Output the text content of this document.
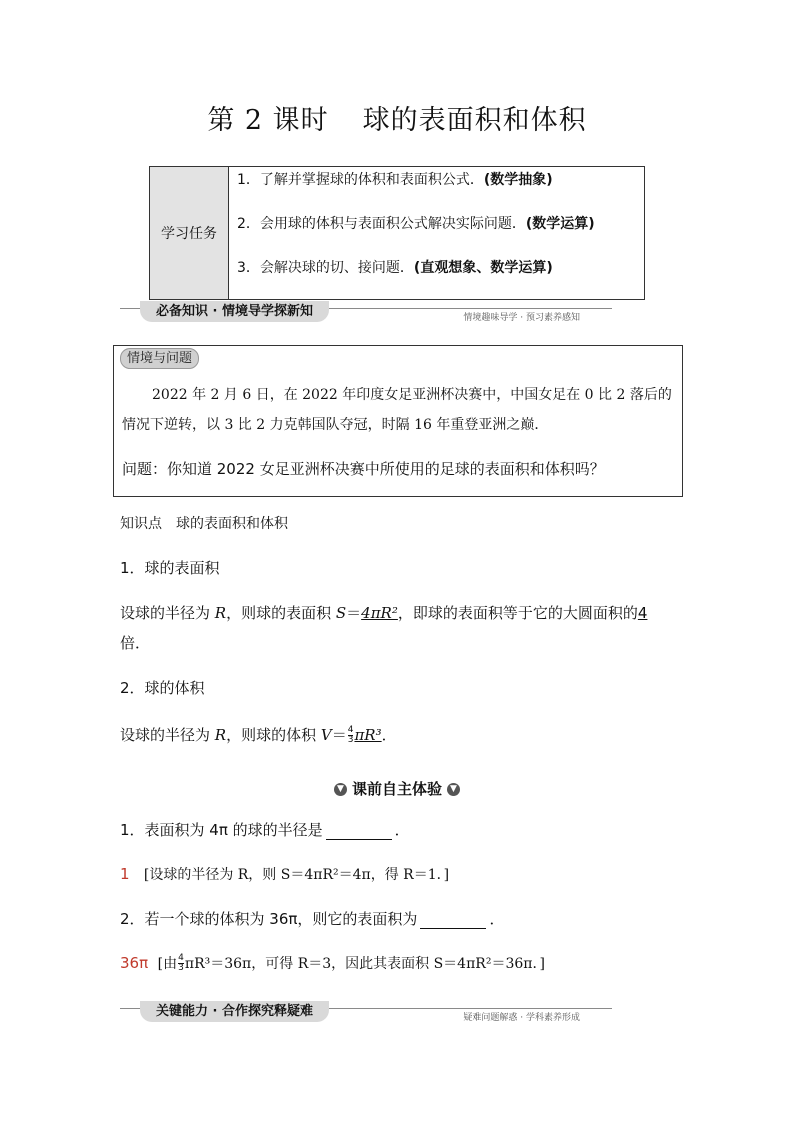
第 2 课时 球的表面积和体积
学习任务	
1．了解并掌握球的体积和表面积公式．(数学抽象)
2．会用球的体积与表面积公式解决实际问题．(数学运算)
3．会解决球的切、接问题．(直观想象、数学运算)
必备知识 · 情境导学探新知	情境趣味导学 · 预习素养感知
情境与问题
2022 年 2 月 6 日，在 2022 年印度女足亚洲杯决赛中，中国女足在 0 比 2 落后的情况下逆转，以 3 比 2 力克韩国队夺冠，时隔 16 年重登亚洲之巅．
问题：你知道 2022 女足亚洲杯决赛中所使用的足球的表面积和体积吗？
知识点　球的表面积和体积
1．球的表面积
设球的半径为 R，则球的表面积 S＝4πR²，即球的表面积等于它的大圆面积的4
倍．
2．球的体积
设球的半径为 R，则球的体积 $V= \frac{4}{3} \pi R^3$．
▼ 课前自主体验 ▼
1．表面积为 4π 的球的半径是	．
1 [设球的半径为 R，则 S＝4πR²＝4π，得 R＝1．]
2．若一个球的体积为 36π，则它的表面积为	．
36π [由 $\frac{4}{3} \pi R^3=36\pi$，可得 R＝3，因此其表面积 S＝4πR²＝36π．]
关键能力 · 合作探究释疑难	疑难问题解惑 · 学科素养形成
